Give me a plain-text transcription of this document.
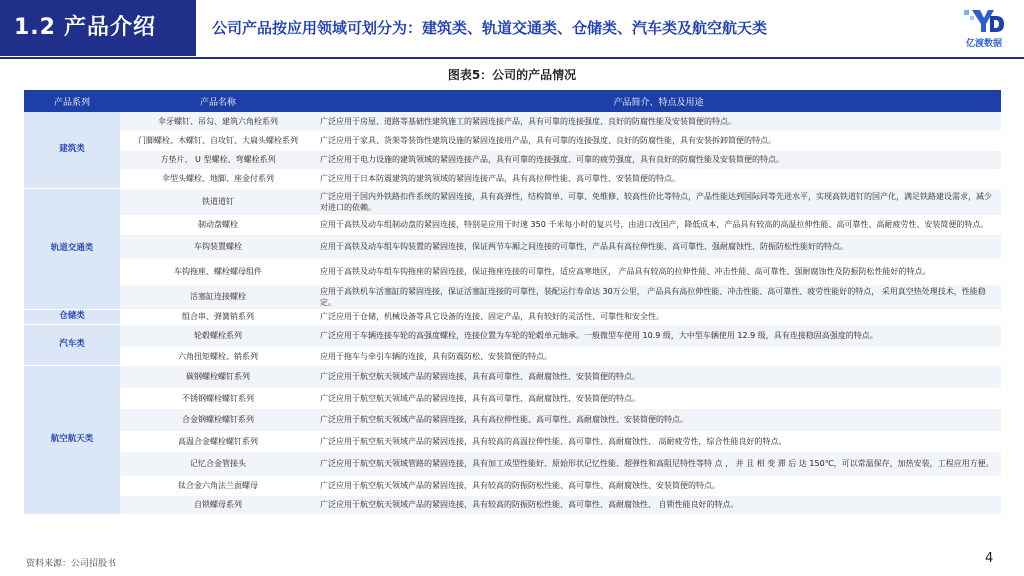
1.2 产品介绍	公司产品按应用领域可划分为：建筑类、轨道交通类、仓储类、汽车类及航空航天类
亿渡数据
图表5：公司的产品情况
产品系列	产品名称	产品简介、特点及用途
建筑类	伞牙螺钉、吊勾、建筑六角栓系列	广泛应用于房屋、道路等基础性建筑施工的紧固连接产品，具有可靠的连接强度、良好的防腐性能及安装简便的特点。
	门脚螺栓、木螺钉、自攻钉、大扁头螺栓系列	广泛应用于家具、货架等装饰性建筑设施的紧固连接用产品，具有可靠的连接强度、良好的防腐性能，具有安装拆卸简便的特点。
	方垫片、 U 型螺栓、弯螺栓系列	广泛应用于电力设施的建筑领域的紧固连接产品，具有可靠的连接强度、可靠的疲劳强度，具有良好的防腐性能及安装简便的特点。
	伞型头螺栓、地脚、座金付系列	广泛应用于日本防震建筑的建筑领域的紧固连接产品，具有高拉伸性能、高可靠性、安装简便的特点。
轨道交通类	铁道道钉	广泛应用于国内外铁路扣件系统的紧固连接，具有高弹性，结构简单、可靠、免维修、较高性价比等特点，产品性能达到国际同等先进水平，实现高铁道钉的国产化，满足铁路建设需求，减少对进口的依赖。
	制动盘螺栓	应用于高铁及动车组制动盘的紧固连接，特别是应用于时速 350 千米每小时的复兴号，由进口改国产，降低成本，产品具有较高的高温拉伸性能、高可靠性、高耐疲劳性、安装简便的特点。
	车钩装置螺栓	应用于高铁及动车组车钩装置的紧固连接，保证两节车厢之间连接的可靠性，产品具有高拉伸性能、高可靠性、强耐腐蚀性、防振防松性能好的特点。
	车钩拖座、螺栓螺母组件	应用于高铁及动车组车钩拖座的紧固连接，保证拖座连接的可靠性，适应高寒地区， 产品具有较高的拉伸性能、冲击性能、高可靠性、强耐腐蚀性及防振防松性能好的特点。
	活塞缸连接螺栓	应用于高铁机车活塞缸的紧固连接，保证活塞缸连接的可靠性，装配运行寿命达 30万公里， 产品具有高拉伸性能、冲击性能、高可靠性、疲劳性能好的特点， 采用真空热处理技术，性能稳定。
仓储类	组合串、弹簧销系列	广泛应用于仓储，机械设备等具它设备的连接、固定产品，具有较好的灵活性、可靠性和安全性。
汽车类	轮毂螺栓系列	广泛应用于车辆连接车轮的高强度螺栓，连接位置为车轮的轮毂单元轴承。一般微型车使用 10.9 级，大中型车辆使用 12.9 级，具有连接稳固高强度的特点。
	六角扭矩螺栓、销系列	应用于拖车与牵引车辆的连接，具有防震防松、安装简便的特点。
航空航天类	碳钢螺栓螺钉系列	广泛应用于航空航天领域产品的紧固连接，具有高可靠性、高耐腐蚀性、安装简便的特点。
	不锈钢螺栓螺钉系列	广泛应用于航空航天领域产品的紧固连接，具有高可靠性、高耐腐蚀性、安装简便的特点。
	合金钢螺栓螺钉系列	广泛应用于航空航天领域产品的紧固连接，具有高拉伸性能、高可靠性、高耐腐蚀性、安装简便的特点。
	高温合金螺栓螺钉系列	广泛应用于航空航天领域产品的紧固连接，具有较高的高温拉伸性能、高可靠性、高耐腐蚀性、 高耐疲劳性，综合性能良好的特点。
	记忆合金管接头	广泛应用于航空航天领域管路的紧固连接，具有加工成型性能好、原始形状记忆性能、超弹性和高阻尼特性等特 点 ， 并 且 相 变 滞 后 达 150℃，可以常温保存，加热安装，工程应用方便。
	钛合金六角法兰面螺母	广泛应用于航空航天领域产品的紧固连接，具有较高的防振防松性能、高可靠性、高耐腐蚀性、安装简便的特点。
	自锁螺母系列	广泛应用于航空航天领域产品的紧固连接，具有较高的防振防松性能、高可靠性、高耐腐蚀性、 自锁性能良好的特点。
资料来源：公司招股书	4
